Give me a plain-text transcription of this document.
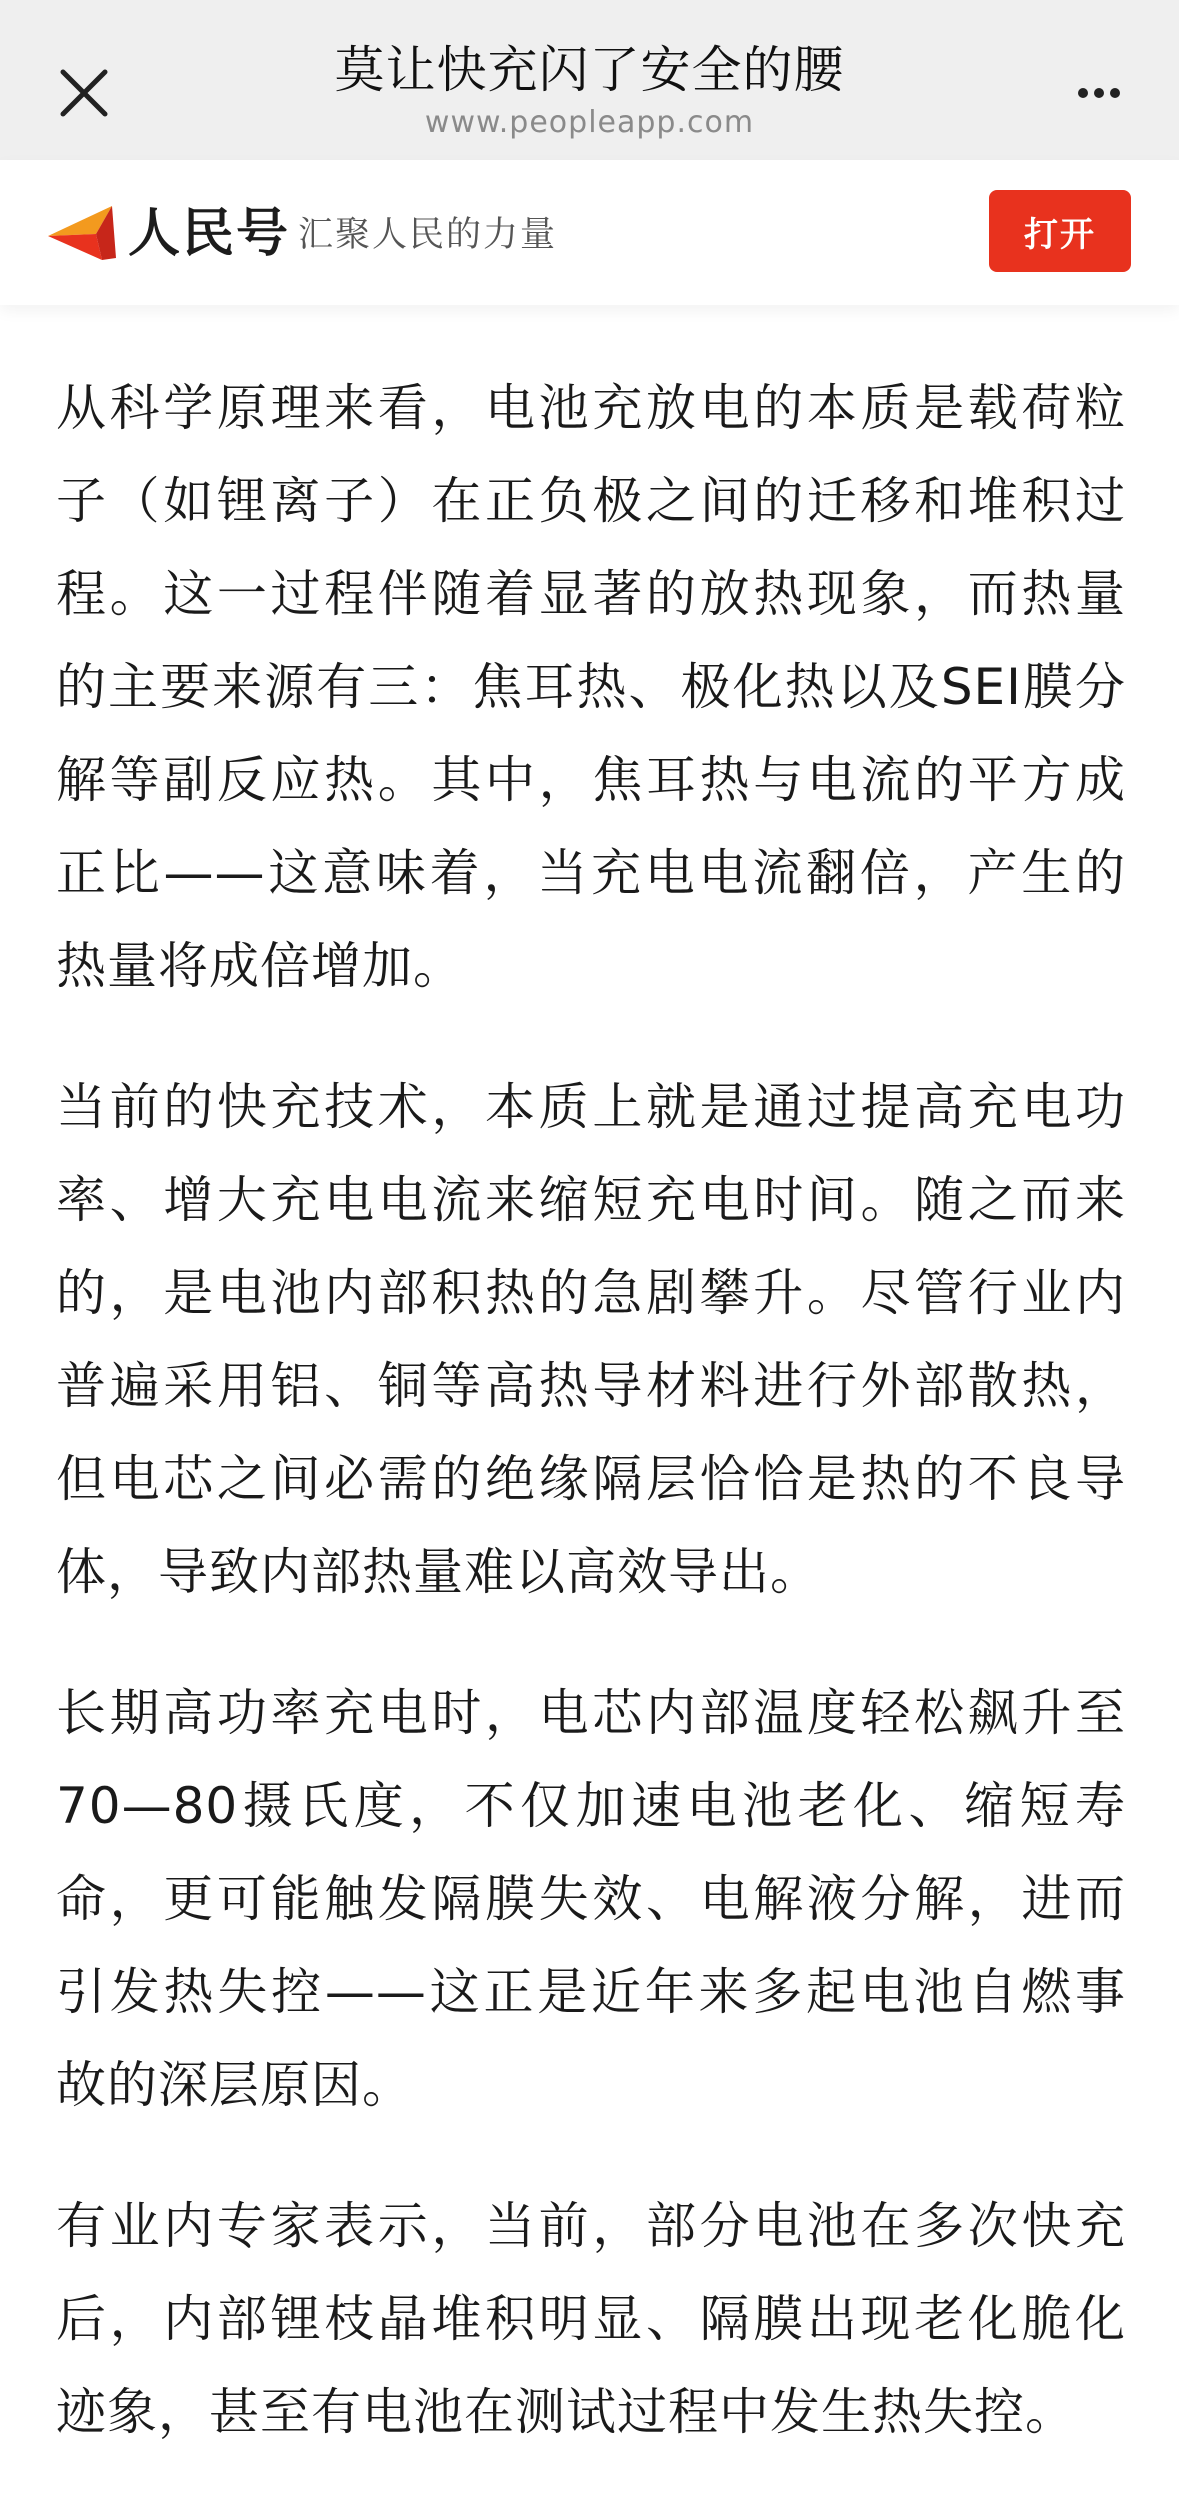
莫让快充闪了安全的腰
www.peopleapp.com
人民号 汇聚人民的力量	打开

从科学原理来看，电池充放电的本质是载荷粒子（如锂离子）在正负极之间的迁移和堆积过程。这一过程伴随着显著的放热现象，而热量的主要来源有三：焦耳热、极化热以及SEI膜分解等副反应热。其中，焦耳热与电流的平方成正比——这意味着，当充电电流翻倍，产生的热量将成倍增加。

当前的快充技术，本质上就是通过提高充电功率、增大充电电流来缩短充电时间。随之而来的，是电池内部积热的急剧攀升。尽管行业内普遍采用铝、铜等高热导材料进行外部散热，但电芯之间必需的绝缘隔层恰恰是热的不良导体，导致内部热量难以高效导出。

长期高功率充电时，电芯内部温度轻松飙升至70—80摄氏度，不仅加速电池老化、缩短寿命，更可能触发隔膜失效、电解液分解，进而引发热失控——这正是近年来多起电池自燃事故的深层原因。

有业内专家表示，当前，部分电池在多次快充后，内部锂枝晶堆积明显、隔膜出现老化脆化迹象，甚至有电池在测试过程中发生热失控。
